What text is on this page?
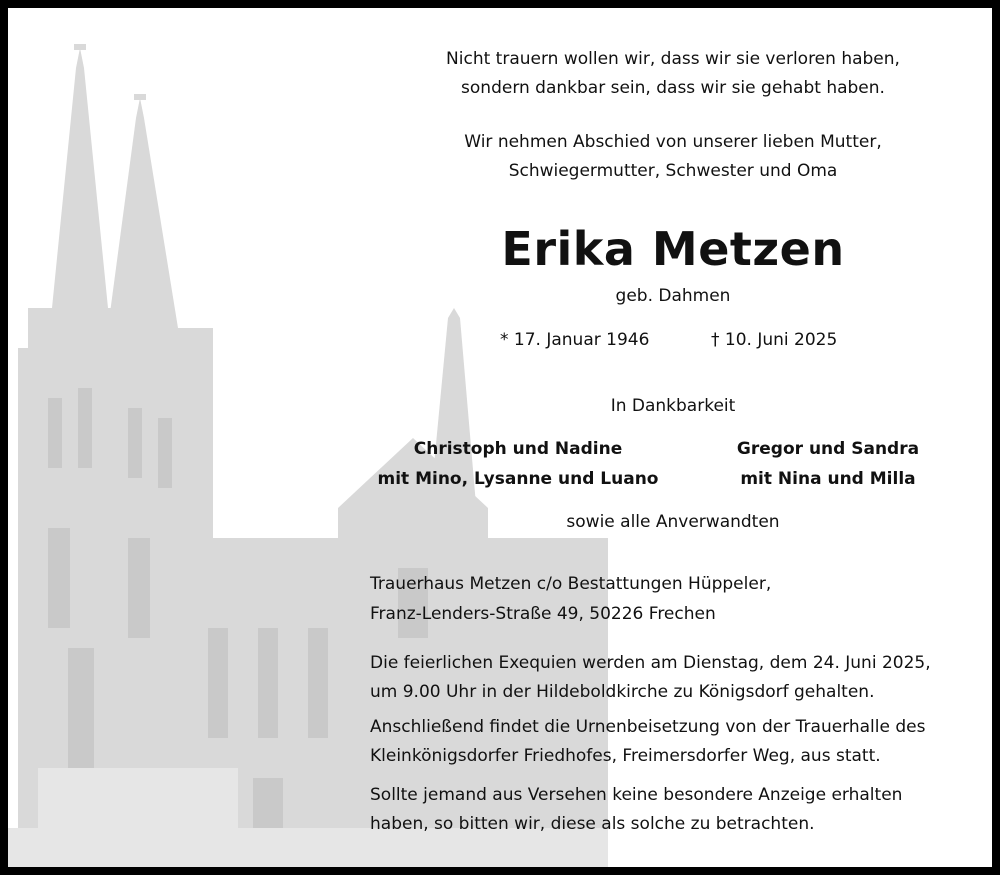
Nicht trauern wollen wir, dass wir sie verloren haben,
sondern dankbar sein, dass wir sie gehabt haben.
Wir nehmen Abschied von unserer lieben Mutter,
Schwiegermutter, Schwester und Oma
Erika Metzen
geb. Dahmen
* 17. Januar 1946	† 10. Juni 2025
In Dankbarkeit
Christoph und Nadine
mit Mino, Lysanne und Luano
Gregor und Sandra
mit Nina und Milla
sowie alle Anverwandten
Trauerhaus Metzen c/o Bestattungen Hüppeler,
Franz-Lenders-Straße 49, 50226 Frechen
Die feierlichen Exequien werden am Dienstag, dem 24. Juni 2025,
um 9.00 Uhr in der Hildeboldkirche zu Königsdorf gehalten.
Anschließend findet die Urnenbeisetzung von der Trauerhalle des
Kleinkönigsdorfer Friedhofes, Freimersdorfer Weg, aus statt.
Sollte jemand aus Versehen keine besondere Anzeige erhalten
haben, so bitten wir, diese als solche zu betrachten.
